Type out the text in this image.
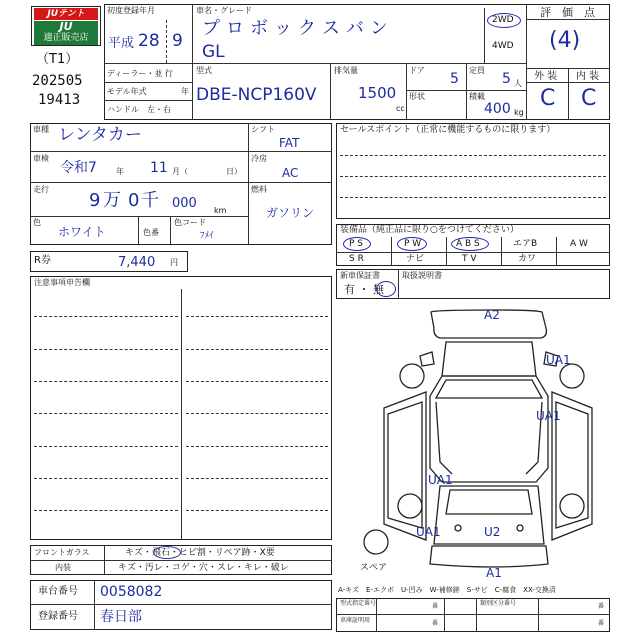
JUテント
JU
適正販売店
（T1）
202505
19413
初度登録年月
平成 28 9
車名・グレード
プロボックスバン
GL
2WD
4WD
評　価　点
(4)
ディーラー・並 行
モデル年式	年
ハンドル　左・右
型式
DBE-NCP160V
排気量
1500
cc
ドア
5
定員
5 人
形状	積載
400 kg
外 装 内 装
C C
車種 レンタカー
車検
令和7 年 11 月（	日）
走行
9 万 0 千 000 km
色
ホワイト	色番
色コード
ﾌﾒｲ
シフト
FAT
冷房
AC
燃料
ガソリン
R券	7,440 円
注意事項申告欄
フロントガラス	キズ・飛石・ヒビ割・リペア跡・X要
内装	キズ・汚レ・コゲ・穴・スレ・キレ・破レ
車台番号 0058082
登録番号 春日部
セールスポイント（正常に機能するものに限ります）
装備品（純正品に限り○をつけてください）
P S	P W	A B S	エアB	A W
S R	ナビ	T V	カワ
新車保証書
有 ・ 無
取扱説明書
A2
UA1
UA1
UA1
UA1	U2
A1
スペア
A-キズ　E-エクボ　U-凹み　W-補修跡　S-サビ　C-腐食　XX-交換済
型式指定番号	番	類別区分番号	番
車庫証明用	番	番
